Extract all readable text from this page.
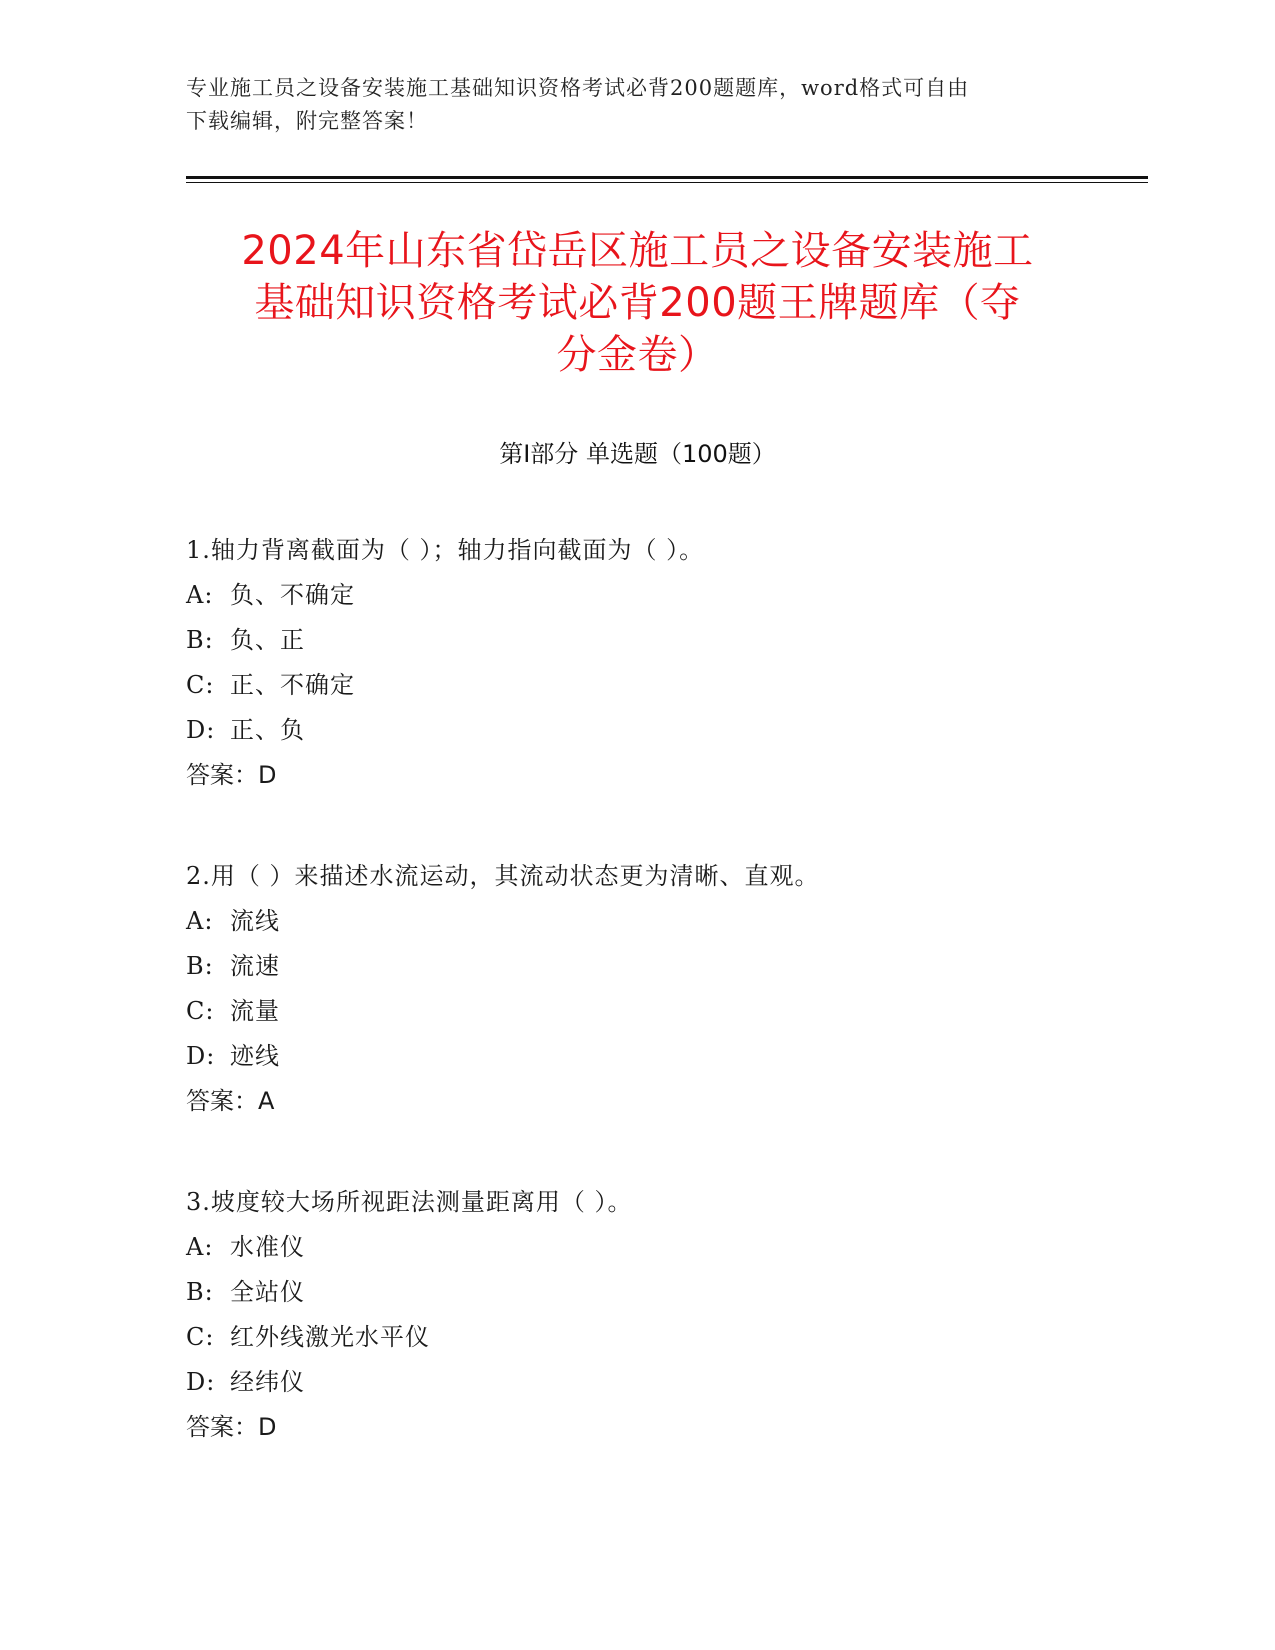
专业施工员之设备安装施工基础知识资格考试必背200题题库，word格式可自由
下载编辑，附完整答案！
2024年山东省岱岳区施工员之设备安装施工
基础知识资格考试必背200题王牌题库（夺
分金卷）
第Ⅰ部分 单选题（100题）
1.轴力背离截面为（ ）；轴力指向截面为（ ）。
A: 负、不确定
B: 负、正
C: 正、不确定
D: 正、负
答案：D
2.用（ ）来描述水流运动，其流动状态更为清晰、直观。
A: 流线
B: 流速
C: 流量
D: 迹线
答案：A
3.坡度较大场所视距法测量距离用（ ）。
A: 水准仪
B: 全站仪
C: 红外线激光水平仪
D: 经纬仪
答案：D
